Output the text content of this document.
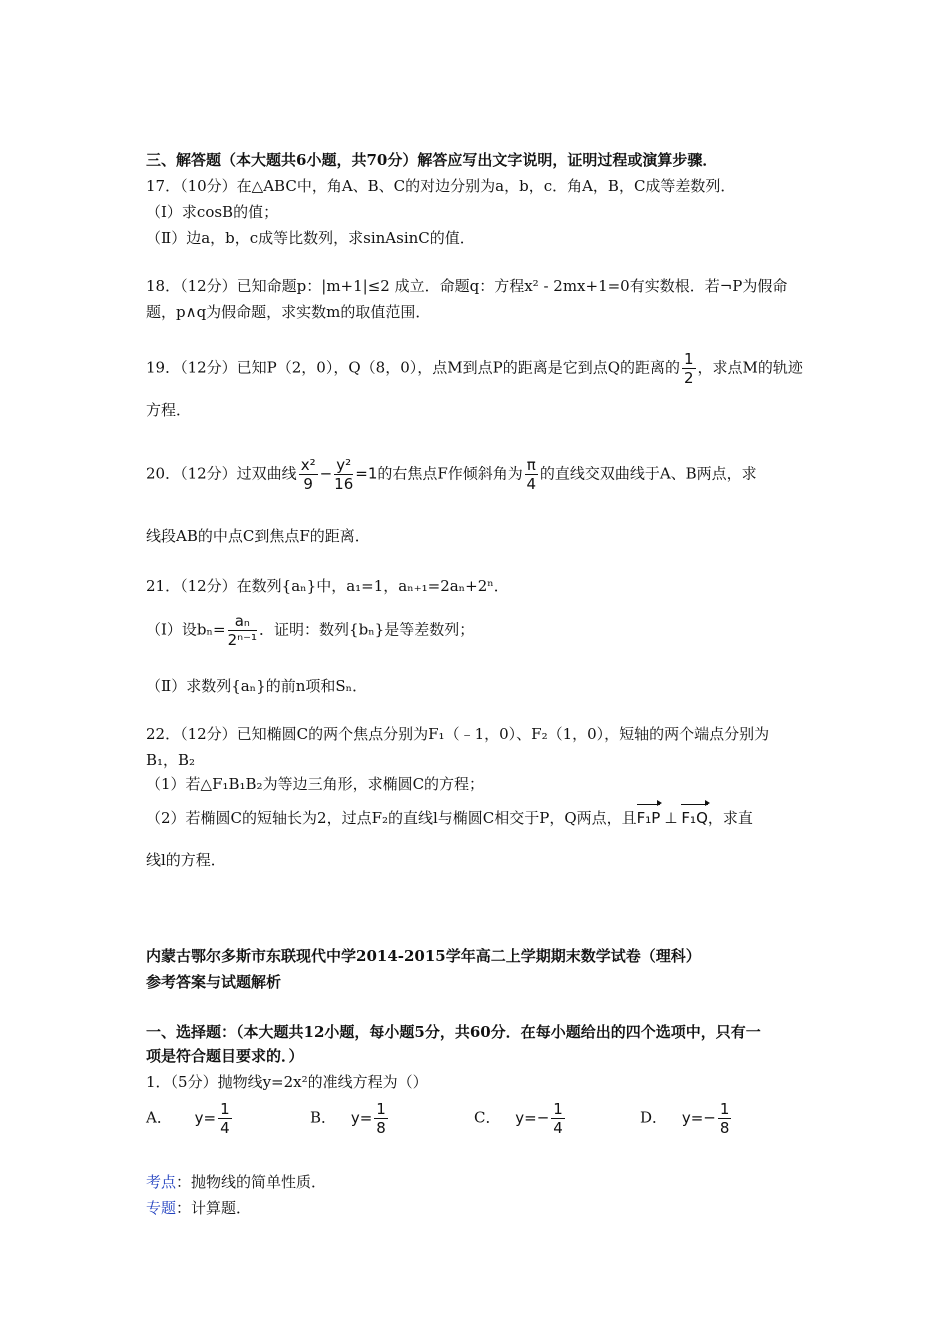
三、解答题（本大题共6小题，共70分）解答应写出文字说明，证明过程或演算步骤．
17．（10分）在△ABC中，角A、B、C的对边分别为a，b，c．角A，B，C成等差数列．
（Ⅰ）求cosB的值；
（Ⅱ）边a，b，c成等比数列，求sinAsinC的值．
18．（12分）已知命题p：|m+1|≤2 成立．命题q：方程x² - 2mx+1=0有实数根．若¬P为假命
题，p∧q为假命题，求实数m的取值范围．
19．（12分）已知P（2，0），Q（8，0），点M到点P的距离是它到点Q的距离的 $\frac{1}{2}$ ，求点M的轨迹
方程．
20．（12分）过双曲线 $\frac{\text{x²}}{9} - \frac{\text{y²}}{16} =1$的右焦点F作倾斜角为 $\frac{\pi}{4}$ 的直线交双曲线于A、B两点，求
线段AB的中点C到焦点F的距离．
21．（12分）在数列{aₙ}中，a₁=1，aₙ₊₁=2aₙ+2ⁿ．
（Ⅰ）设$b_n= \frac{\text{aₙ}}{\text{2ⁿ⁻¹}}$ ．证明：数列{bₙ}是等差数列；
（Ⅱ）求数列{aₙ}的前n项和Sₙ．
22．（12分）已知椭圆C的两个焦点分别为F₁（﹣1，0）、F₂（1，0），短轴的两个端点分别为
B₁，B₂
（1）若△F₁B₁B₂为等边三角形，求椭圆C的方程；
（2）若椭圆C的短轴长为2，过点F₂的直线l与椭圆C相交于P，Q两点，且F₁P ⊥ F₁Q，求直
线l的方程．
内蒙古鄂尔多斯市东联现代中学2014-2015学年高二上学期期末数学试卷（理科）
参考答案与试题解析
一、选择题：（本大题共12小题，每小题5分，共60分．在每小题给出的四个选项中，只有一
项是符合题目要求的．）
1．（5分）抛物线y=2x²的准线方程为（）
A． $y= \frac{1}{4}$	B． $y= \frac{1}{8}$	C． $y=- \frac{1}{4}$	D． $y=- \frac{1}{8}$
考点：抛物线的简单性质．
专题：计算题．
